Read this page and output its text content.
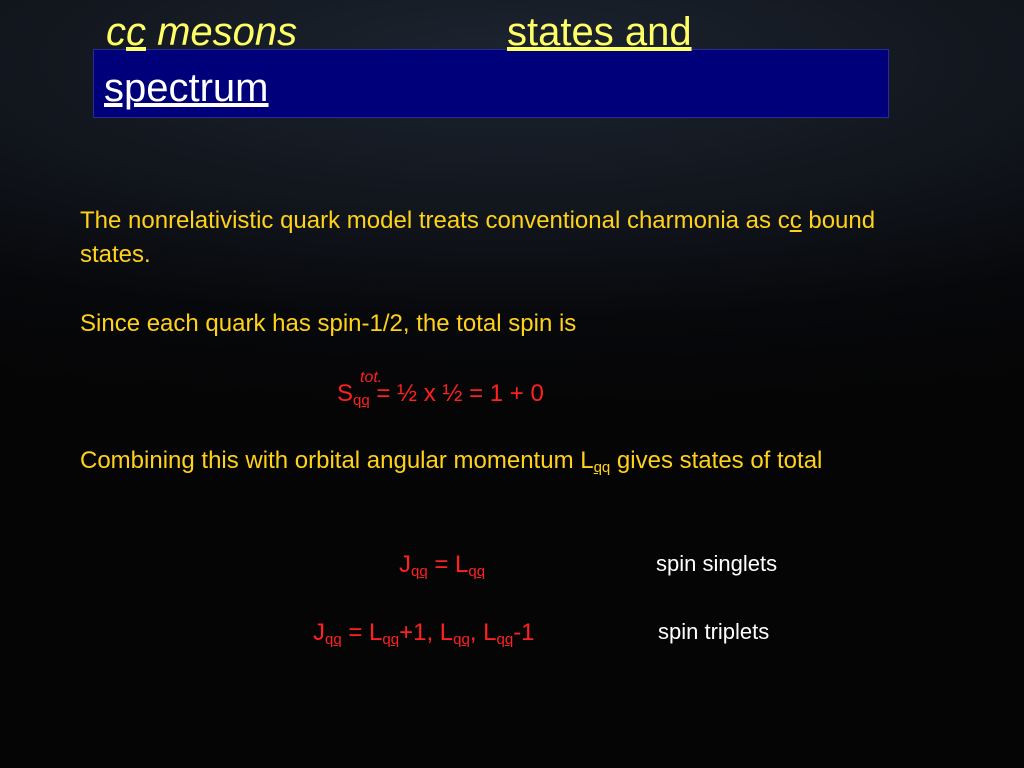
cc mesons	states and
spectrum
The nonrelativistic quark model treats conventional charmonia as cc bound states.
Since each quark has spin-1/2, the total spin is
S
tot.
$_{qq}$ = ½ x ½ = 1 + 0
Combining this with orbital angular momentum $L_{qq}$ gives states of total
$J_{qq} = L_{qq}$	spin singlets
$J_{qq} = L_{qq}+1$, $L_{qq}$, $L_{qq}-1$	spin triplets
